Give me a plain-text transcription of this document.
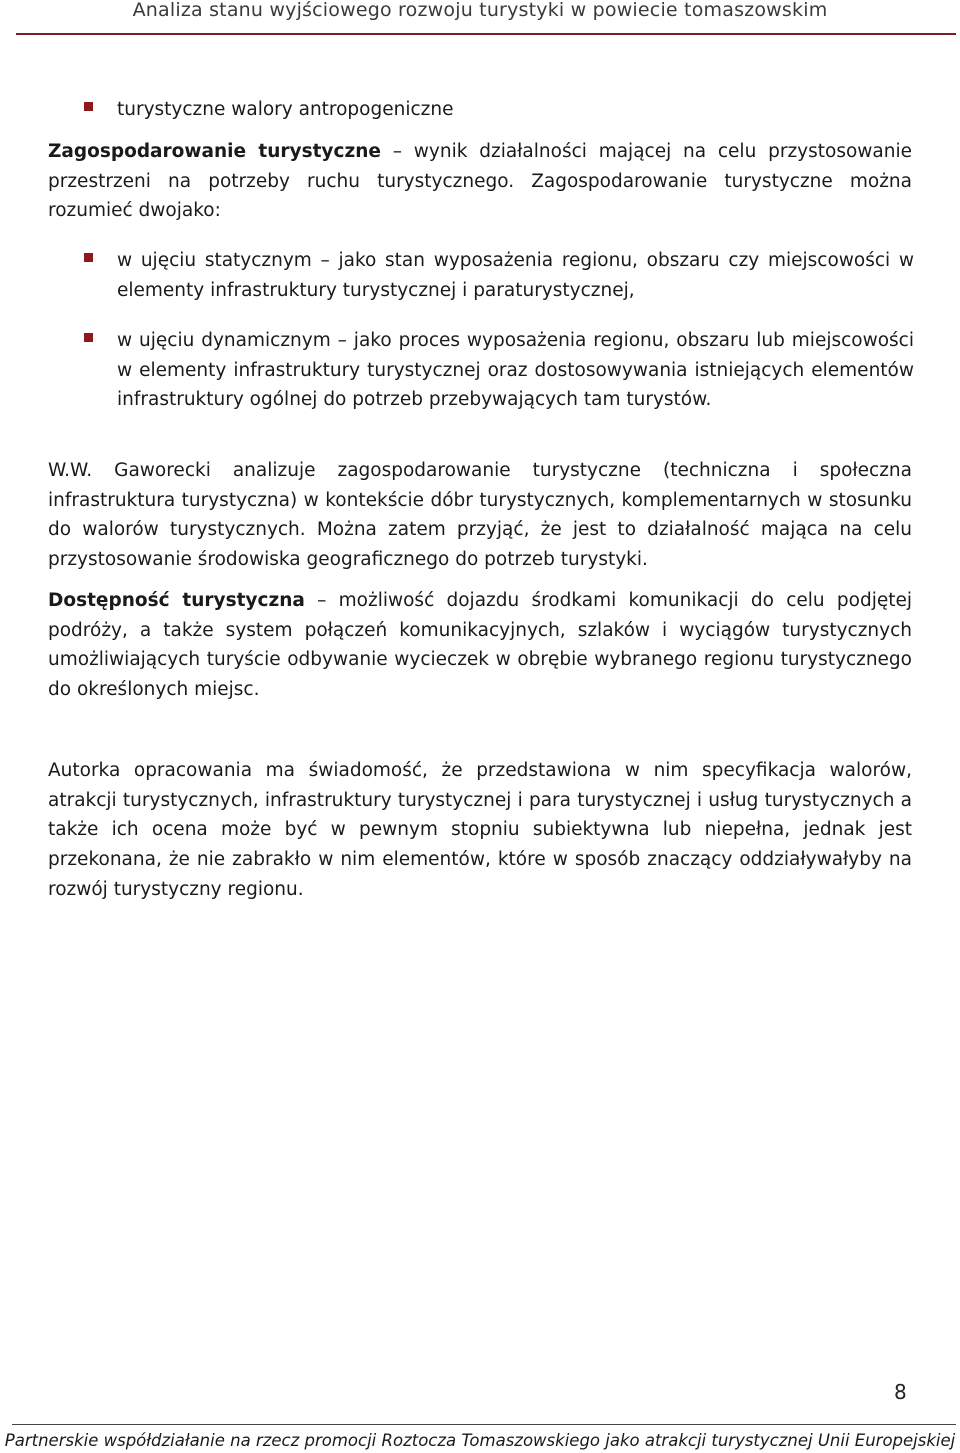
Analiza stanu wyjściowego rozwoju turystyki w powiecie tomaszowskim
turystyczne walory antropogeniczne
Zagospodarowanie turystyczne – wynik działalności mającej na celu przystosowanie przestrzeni na potrzeby ruchu turystycznego. Zagospodarowanie turystyczne można rozumieć dwojako:
w ujęciu statycznym – jako stan wyposażenia regionu, obszaru czy miejscowości w elementy infrastruktury turystycznej i paraturystycznej,
w ujęciu dynamicznym – jako proces wyposażenia regionu, obszaru lub miejscowości w elementy infrastruktury turystycznej oraz dostosowywania istniejących elementów infrastruktury ogólnej do potrzeb przebywających tam turystów.
W.W. Gaworecki analizuje zagospodarowanie turystyczne (techniczna i społeczna infrastruktura turystyczna) w kontekście dóbr turystycznych, komplementarnych w stosunku do walorów turystycznych. Można zatem przyjąć, że jest to działalność mająca na celu przystosowanie środowiska geograficznego do potrzeb turystyki.
Dostępność turystyczna – możliwość dojazdu środkami komunikacji do celu podjętej podróży, a także system połączeń komunikacyjnych, szlaków i wyciągów turystycznych umożliwiających turyście odbywanie wycieczek w obrębie wybranego regionu turystycznego do określonych miejsc.
Autorka opracowania ma świadomość, że przedstawiona w nim specyfikacja walorów, atrakcji turystycznych, infrastruktury turystycznej i para turystycznej i usług turystycznych a także ich ocena może być w pewnym stopniu subiektywna lub niepełna, jednak jest przekonana, że nie zabrakło w nim elementów, które w sposób znaczący oddziaływałyby na rozwój turystyczny regionu.
8
Partnerskie współdziałanie na rzecz promocji Roztocza Tomaszowskiego jako atrakcji turystycznej Unii Europejskiej
